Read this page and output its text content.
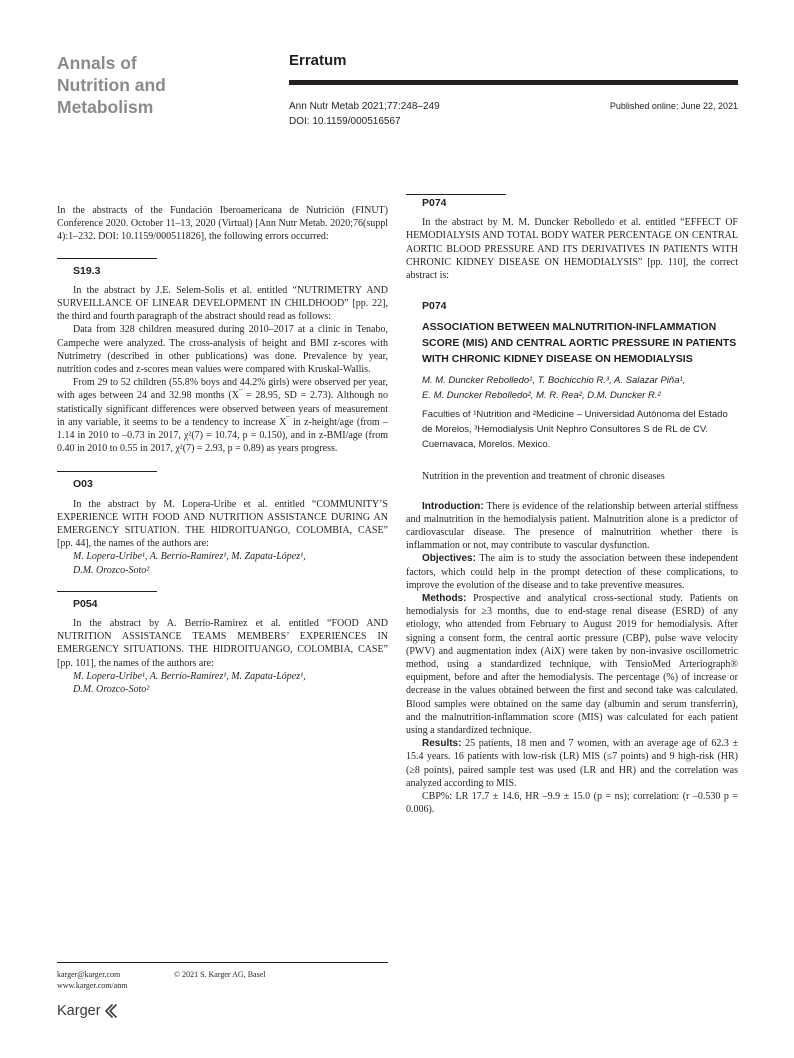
Annals of
Nutrition and
Metabolism
Erratum
Ann Nutr Metab 2021;77:248–249
DOI: 10.1159/000516567
Published online: June 22, 2021

In the abstracts of the Fundación Iberoamericana de Nutrición (FINUT) Conference 2020. October 11–13, 2020 (Virtual) [Ann Nutr Metab. 2020;76(suppl 4):1–232. DOI: 10.1159/000511826], the following errors occurred:

S19.3

In the abstract by J.E. Selem-Solis et al. entitled “NUTRIMETRY AND SURVEILLANCE OF LINEAR DEVELOPMENT IN CHILDHOOD” [pp. 22], the third and fourth paragraph of the abstract should read as follows:

Data from 328 children measured during 2010–2017 at a clinic in Tenabo, Campeche were analyzed. The cross-analysis of height and BMI z-scores with Nutrimetry (described in other publications) was done. Prevalence by year, nutrition codes and z-scores mean values were compared with Kruskal-Wallis.

From 29 to 52 children (55.8% boys and 44.2% girls) were observed per year, with ages between 24 and 32.98 months (X‾ = 28.95, SD = 2.73). Although no statistically significant differences were observed between years of measurement in any variable, it seems to be a tendency to increase X‾ in z-height/age (from –1.14 in 2010 to –0.73 in 2017, χ²(7) = 10.74, p = 0.150), and in z-BMI/age (from 0.40 in 2010 to 0.55 in 2017, χ²(7) = 2.93, p = 0.89) as years progress.

O03

In the abstract by M. Lopera-Uribe et al. entitled “COMMUNITY’S EXPERIENCE WITH FOOD AND NUTRITION ASSISTANCE DURING AN EMERGENCY SITUATION. THE HIDROITUANGO, COLOMBIA, CASE” [pp. 44], the names of the authors are:

M. Lopera-Uribe¹, A. Berrío-Ramírez¹, M. Zapata-López¹,
D.M. Orozco-Soto²
P054

In the abstract by A. Berrío-Ramirez et al. entitled “FOOD AND NUTRITION ASSISTANCE TEAMS MEMBERS’ EXPERIENCES IN EMERGENCY SITUATIONS. THE HIDROITUANGO, COLOMBIA, CASE” [pp. 101], the names of the authors are:

M. Lopera-Uribe¹, A. Berrío-Ramírez¹, M. Zapata-López¹,
D.M. Orozco-Soto²
P074

In the abstract by M. M. Duncker Rebolledo et al. entitled “EFFECT OF HEMODIALYSIS AND TOTAL BODY WATER PERCENTAGE ON CENTRAL AORTIC BLOOD PRESSURE AND ITS DERIVATIVES IN PATIENTS WITH CHRONIC KIDNEY DISEASE ON HEMODIALYSIS” [pp. 110], the correct abstract is:

P074
ASSOCIATION BETWEEN MALNUTRITION-INFLAMMATION SCORE (MIS) AND CENTRAL AORTIC PRESSURE IN PATIENTS WITH CHRONIC KIDNEY DISEASE ON HEMODIALYSIS
M. M. Duncker Rebolledo¹, T. Bochicchio R.³, A. Salazar Piña¹,
E. M. Duncker Rebolledo², M. R. Rea², D.M. Duncker R.²
Faculties of ¹Nutrition and ²Medicine – Universidad Autónoma del Estado de Morelos, ³Hemodialysis Unit Nephro Consultores S de RL de CV. Cuernavaca, Morelos. Mexico.
Nutrition in the prevention and treatment of chronic diseases

Introduction: There is evidence of the relationship between arterial stiffness and malnutrition in the hemodialysis patient. Malnutrition alone is a predictor of cardiovascular disease. The presence of malnutrition whether there is inflammation or not, may contribute to vascular dysfunction.

Objectives: The aim is to study the association between these independent factors, which could help in the prompt detection of these complications, to improve the evolution of the disease and to take preventive measures.

Methods: Prospective and analytical cross-sectional study. Patients on hemodialysis for ≥3 months, due to end-stage renal disease (ESRD) of any etiology, who attended from February to August 2019 for hemodialysis. After signing a consent form, the central aortic pressure (CBP), pulse wave velocity (PWV) and augmentation index (AiX) were taken by non-invasive oscillometric method, using a standardized technique, with TensioMed Arteriograph® equipment, before and after the hemodialysis. The percentage (%) of increase or decrease in the values obtained between the first and second take was calculated. Blood samples were obtained on the same day (albumin and serum transferrin), and the malnutrition-inflammation score (MIS) was calculated for each patient using a standardized technique.

Results: 25 patients, 18 men and 7 women, with an average age of 62.3 ± 15.4 years. 16 patients with low-risk (LR) MIS (≤7 points) and 9 high-risk (HR) (≥8 points), paired sample test was used (LR and HR) and the correlation was analyzed according to MIS.

CBP%: LR 17.7 ± 14.6, HR –9.9 ± 15.0 (p = ns); correlation: (r –0.530 p = 0.006).

karger@karger.com
www.karger.com/anm
© 2021 S. Karger AG, Basel
Karger
